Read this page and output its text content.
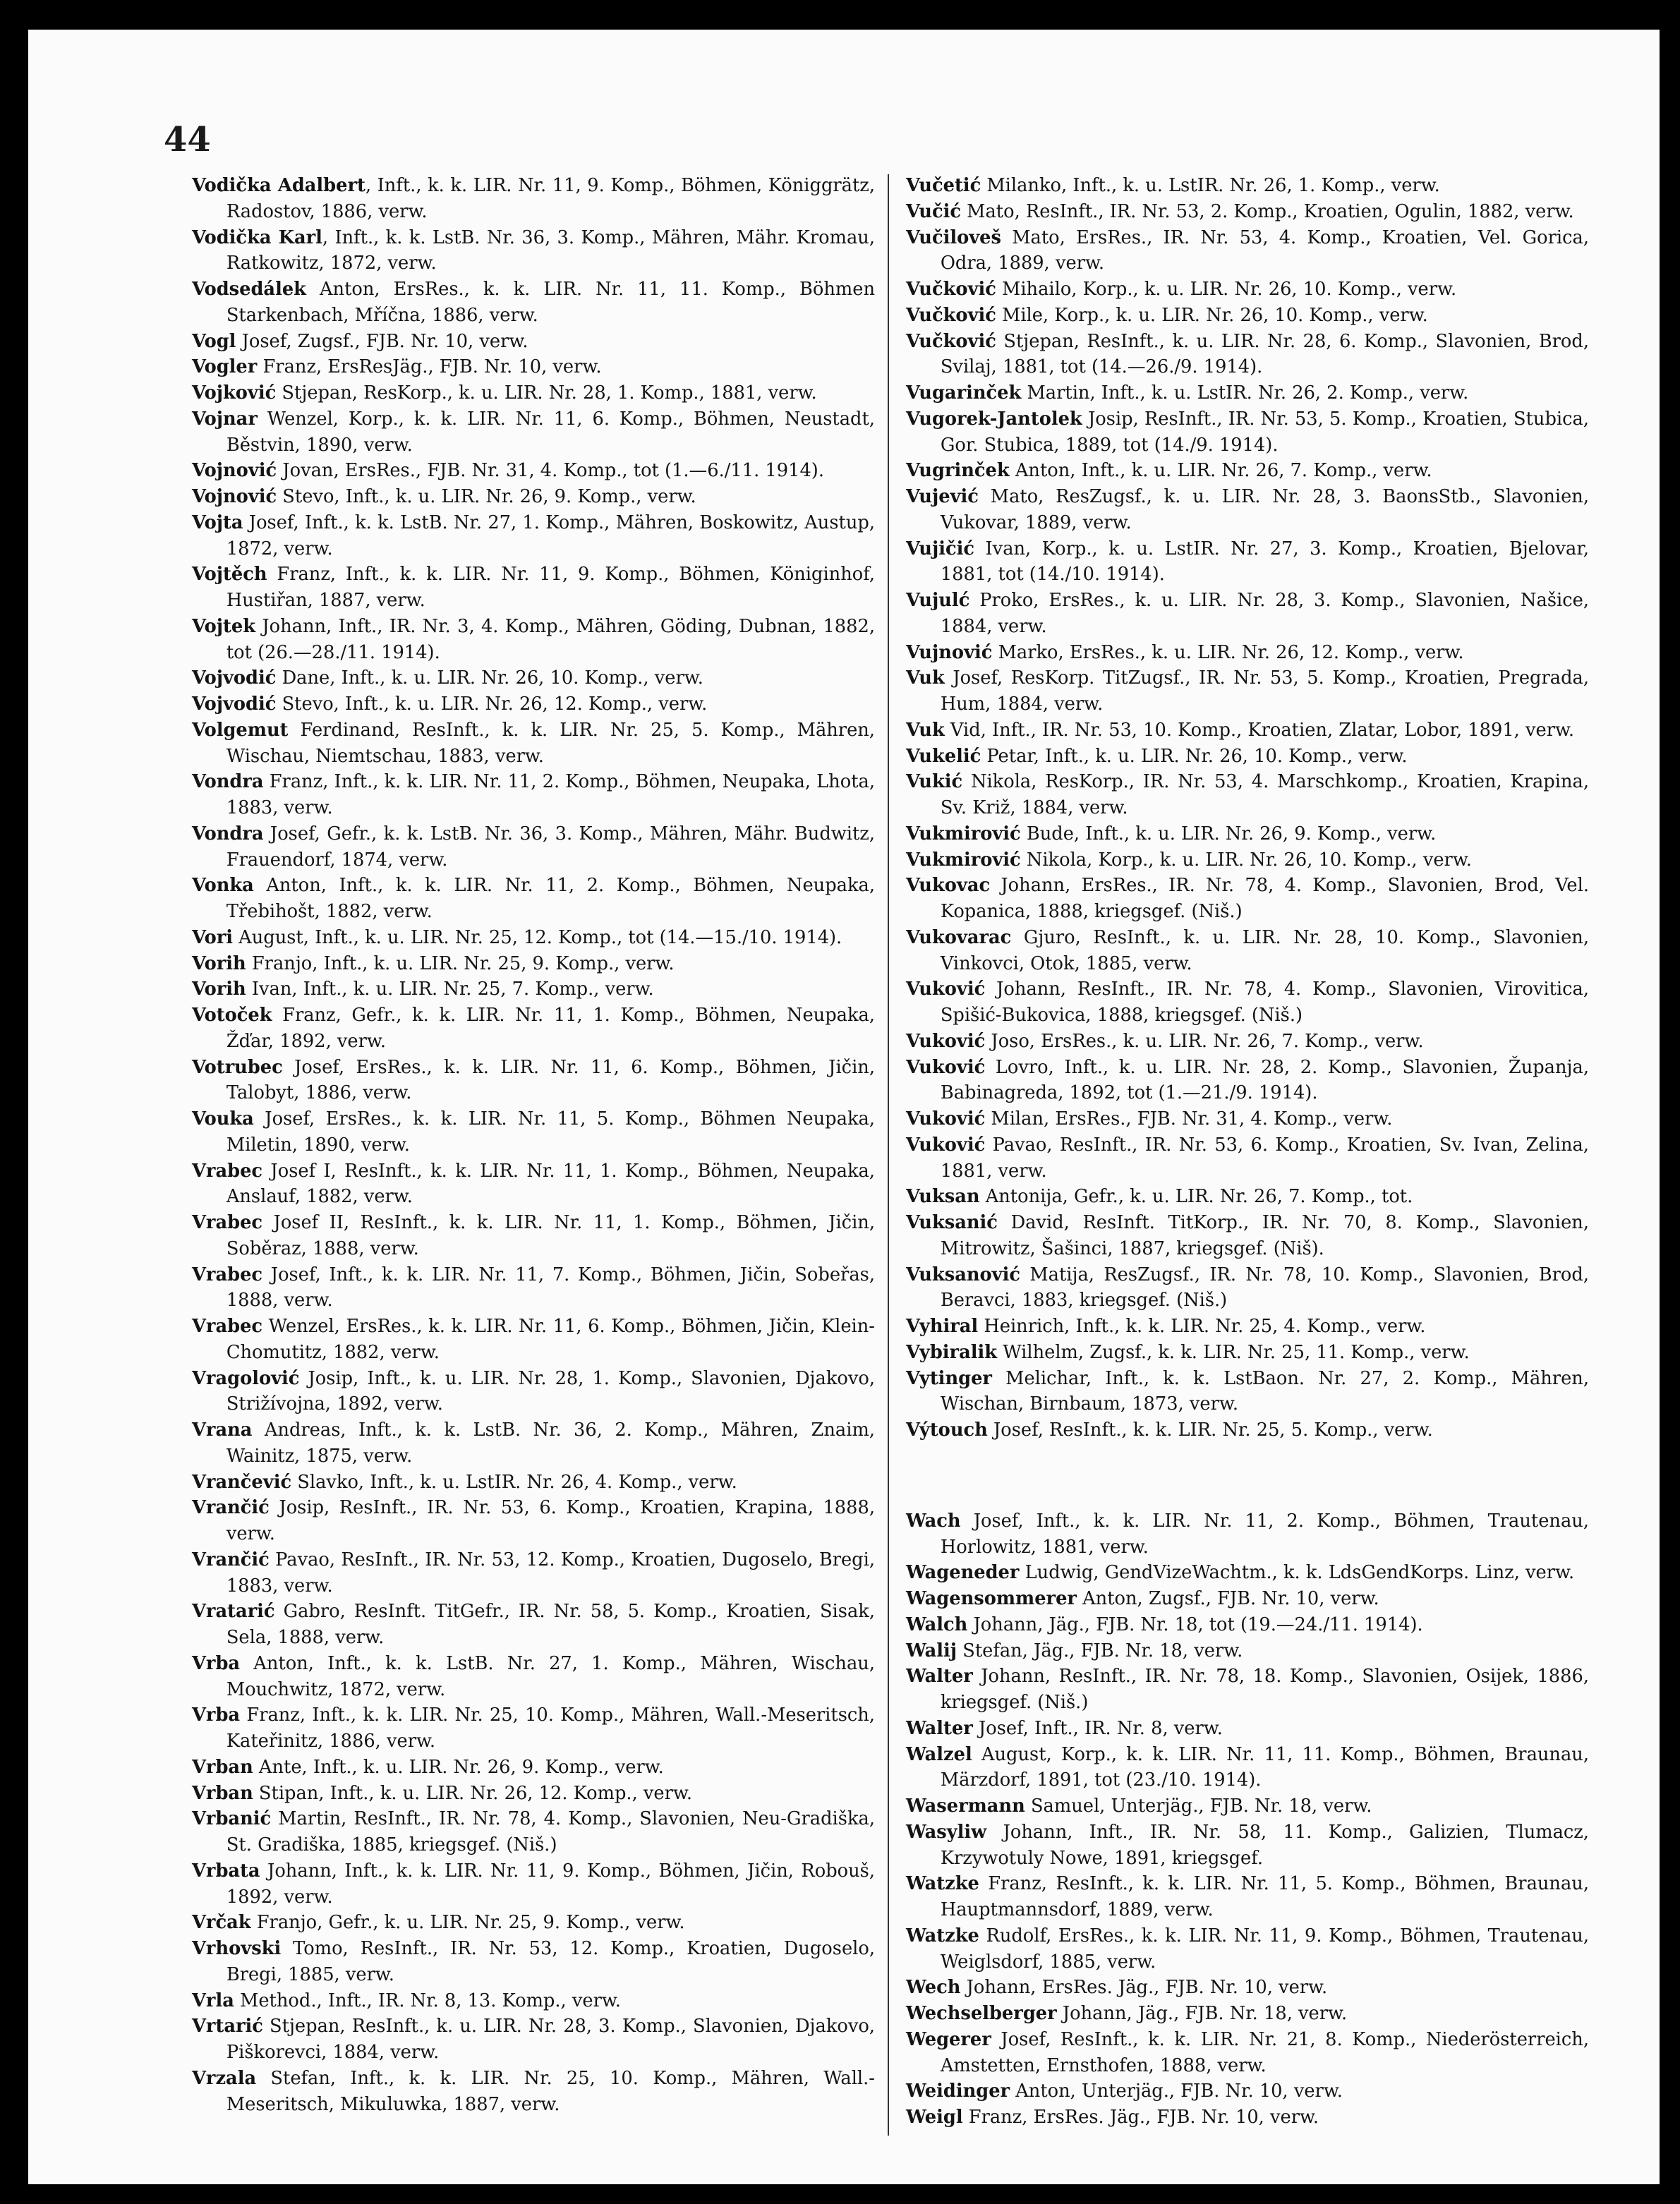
44
Vodička Adalbert, Inft., k. k. LIR. Nr. 11, 9. Komp., Böhmen, Königgrätz, Radostov, 1886, verw.
Vodička Karl, Inft., k. k. LstB. Nr. 36, 3. Komp., Mähren, Mähr. Kromau, Ratkowitz, 1872, verw.
Vodsedálek Anton, ErsRes., k. k. LIR. Nr. 11, 11. Komp., Böhmen Starkenbach, Mříčna, 1886, verw.
Vogl Josef, Zugsf., FJB. Nr. 10, verw.
Vogler Franz, ErsResJäg., FJB. Nr. 10, verw.
Vojković Stjepan, ResKorp., k. u. LIR. Nr. 28, 1. Komp., 1881, verw.
Vojnar Wenzel, Korp., k. k. LIR. Nr. 11, 6. Komp., Böhmen, Neustadt, Běstvin, 1890, verw.
Vojnović Jovan, ErsRes., FJB. Nr. 31, 4. Komp., tot (1.—6./11. 1914).
Vojnović Stevo, Inft., k. u. LIR. Nr. 26, 9. Komp., verw.
Vojta Josef, Inft., k. k. LstB. Nr. 27, 1. Komp., Mähren, Boskowitz, Austup, 1872, verw.
Vojtěch Franz, Inft., k. k. LIR. Nr. 11, 9. Komp., Böhmen, Königinhof, Hustiřan, 1887, verw.
Vojtek Johann, Inft., IR. Nr. 3, 4. Komp., Mähren, Göding, Dubnan, 1882, tot (26.—28./11. 1914).
Vojvodić Dane, Inft., k. u. LIR. Nr. 26, 10. Komp., verw.
Vojvodić Stevo, Inft., k. u. LIR. Nr. 26, 12. Komp., verw.
Volgemut Ferdinand, ResInft., k. k. LIR. Nr. 25, 5. Komp., Mähren, Wischau, Niemtschau, 1883, verw.
Vondra Franz, Inft., k. k. LIR. Nr. 11, 2. Komp., Böhmen, Neupaka, Lhota, 1883, verw.
Vondra Josef, Gefr., k. k. LstB. Nr. 36, 3. Komp., Mähren, Mähr. Budwitz, Frauendorf, 1874, verw.
Vonka Anton, Inft., k. k. LIR. Nr. 11, 2. Komp., Böhmen, Neupaka, Třebihošt, 1882, verw.
Vori August, Inft., k. u. LIR. Nr. 25, 12. Komp., tot (14.—15./10. 1914).
Vorih Franjo, Inft., k. u. LIR. Nr. 25, 9. Komp., verw.
Vorih Ivan, Inft., k. u. LIR. Nr. 25, 7. Komp., verw.
Votoček Franz, Gefr., k. k. LIR. Nr. 11, 1. Komp., Böhmen, Neupaka, Žďar, 1892, verw.
Votrubec Josef, ErsRes., k. k. LIR. Nr. 11, 6. Komp., Böhmen, Jičin, Talobyt, 1886, verw.
Vouka Josef, ErsRes., k. k. LIR. Nr. 11, 5. Komp., Böhmen Neupaka, Miletin, 1890, verw.
Vrabec Josef I, ResInft., k. k. LIR. Nr. 11, 1. Komp., Böhmen, Neupaka, Anslauf, 1882, verw.
Vrabec Josef II, ResInft., k. k. LIR. Nr. 11, 1. Komp., Böhmen, Jičin, Soběraz, 1888, verw.
Vrabec Josef, Inft., k. k. LIR. Nr. 11, 7. Komp., Böhmen, Jičin, Sobeřas, 1888, verw.
Vrabec Wenzel, ErsRes., k. k. LIR. Nr. 11, 6. Komp., Böhmen, Jičin, Klein-Chomutitz, 1882, verw.
Vragolović Josip, Inft., k. u. LIR. Nr. 28, 1. Komp., Slavonien, Djakovo, Strižívojna, 1892, verw.
Vrana Andreas, Inft., k. k. LstB. Nr. 36, 2. Komp., Mähren, Znaim, Wainitz, 1875, verw.
Vrančević Slavko, Inft., k. u. LstIR. Nr. 26, 4. Komp., verw.
Vrančić Josip, ResInft., IR. Nr. 53, 6. Komp., Kroatien, Krapina, 1888, verw.
Vrančić Pavao, ResInft., IR. Nr. 53, 12. Komp., Kroatien, Dugoselo, Bregi, 1883, verw.
Vratarić Gabro, ResInft. TitGefr., IR. Nr. 58, 5. Komp., Kroatien, Sisak, Sela, 1888, verw.
Vrba Anton, Inft., k. k. LstB. Nr. 27, 1. Komp., Mähren, Wischau, Mouchwitz, 1872, verw.
Vrba Franz, Inft., k. k. LIR. Nr. 25, 10. Komp., Mähren, Wall.-Meseritsch, Kateřinitz, 1886, verw.
Vrban Ante, Inft., k. u. LIR. Nr. 26, 9. Komp., verw.
Vrban Stipan, Inft., k. u. LIR. Nr. 26, 12. Komp., verw.
Vrbanić Martin, ResInft., IR. Nr. 78, 4. Komp., Slavonien, Neu-Gradiška, St. Gradiška, 1885, kriegsgef. (Niš.)
Vrbata Johann, Inft., k. k. LIR. Nr. 11, 9. Komp., Böhmen, Jičin, Robouš, 1892, verw.
Vrčak Franjo, Gefr., k. u. LIR. Nr. 25, 9. Komp., verw.
Vrhovski Tomo, ResInft., IR. Nr. 53, 12. Komp., Kroatien, Dugoselo, Bregi, 1885, verw.
Vrla Method., Inft., IR. Nr. 8, 13. Komp., verw.
Vrtarić Stjepan, ResInft., k. u. LIR. Nr. 28, 3. Komp., Slavonien, Djakovo, Piškorevci, 1884, verw.
Vrzala Stefan, Inft., k. k. LIR. Nr. 25, 10. Komp., Mähren, Wall.-Meseritsch, Mikuluwka, 1887, verw.
Vučetić Milanko, Inft., k. u. LstIR. Nr. 26, 1. Komp., verw.
Vučić Mato, ResInft., IR. Nr. 53, 2. Komp., Kroatien, Ogulin, 1882, verw.
Vučilovеš Mato, ErsRes., IR. Nr. 53, 4. Komp., Kroatien, Vel. Gorica, Odra, 1889, verw.
Vučković Mihailo, Korp., k. u. LIR. Nr. 26, 10. Komp., verw.
Vučković Mile, Korp., k. u. LIR. Nr. 26, 10. Komp., verw.
Vučković Stjepan, ResInft., k. u. LIR. Nr. 28, 6. Komp., Slavonien, Brod, Svilaj, 1881, tot (14.—26./9. 1914).
Vugarinček Martin, Inft., k. u. LstIR. Nr. 26, 2. Komp., verw.
Vugorek-Jantolek Josip, ResInft., IR. Nr. 53, 5. Komp., Kroatien, Stubica, Gor. Stubica, 1889, tot (14./9. 1914).
Vugrinček Anton, Inft., k. u. LIR. Nr. 26, 7. Komp., verw.
Vujević Mato, ResZugsf., k. u. LIR. Nr. 28, 3. BaonsStb., Slavonien, Vukovar, 1889, verw.
Vujičić Ivan, Korp., k. u. LstIR. Nr. 27, 3. Komp., Kroatien, Bjelovar, 1881, tot (14./10. 1914).
Vujulć Proko, ErsRes., k. u. LIR. Nr. 28, 3. Komp., Slavonien, Našice, 1884, verw.
Vujnović Marko, ErsRes., k. u. LIR. Nr. 26, 12. Komp., verw.
Vuk Josef, ResKorp. TitZugsf., IR. Nr. 53, 5. Komp., Kroatien, Pregrada, Hum, 1884, verw.
Vuk Vid, Inft., IR. Nr. 53, 10. Komp., Kroatien, Zlatar, Lobor, 1891, verw.
Vukelić Petar, Inft., k. u. LIR. Nr. 26, 10. Komp., verw.
Vukić Nikola, ResKorp., IR. Nr. 53, 4. Marschkomp., Kroatien, Krapina, Sv. Križ, 1884, verw.
Vukmirović Bude, Inft., k. u. LIR. Nr. 26, 9. Komp., verw.
Vukmirović Nikola, Korp., k. u. LIR. Nr. 26, 10. Komp., verw.
Vukovac Johann, ErsRes., IR. Nr. 78, 4. Komp., Slavonien, Brod, Vel. Kopanica, 1888, kriegsgef. (Niš.)
Vukovarac Gjuro, ResInft., k. u. LIR. Nr. 28, 10. Komp., Slavonien, Vinkovci, Otok, 1885, verw.
Vuković Johann, ResInft., IR. Nr. 78, 4. Komp., Slavonien, Virovitica, Spišić-Bukovica, 1888, kriegsgef. (Niš.)
Vuković Joso, ErsRes., k. u. LIR. Nr. 26, 7. Komp., verw.
Vuković Lovro, Inft., k. u. LIR. Nr. 28, 2. Komp., Slavonien, Županja, Babinagreda, 1892, tot (1.—21./9. 1914).
Vuković Milan, ErsRes., FJB. Nr. 31, 4. Komp., verw.
Vuković Pavao, ResInft., IR. Nr. 53, 6. Komp., Kroatien, Sv. Ivan, Zelina, 1881, verw.
Vuksan Antonija, Gefr., k. u. LIR. Nr. 26, 7. Komp., tot.
Vuksanić David, ResInft. TitKorp., IR. Nr. 70, 8. Komp., Slavonien, Mitrowitz, Šašinci, 1887, kriegsgef. (Niš).
Vuksanović Matija, ResZugsf., IR. Nr. 78, 10. Komp., Slavonien, Brod, Beravci, 1883, kriegsgef. (Niš.)
Vyhiral Heinrich, Inft., k. k. LIR. Nr. 25, 4. Komp., verw.
Vybiralik Wilhelm, Zugsf., k. k. LIR. Nr. 25, 11. Komp., verw.
Vytinger Melichar, Inft., k. k. LstBaon. Nr. 27, 2. Komp., Mähren, Wischan, Birnbaum, 1873, verw.
Výtouch Josef, ResInft., k. k. LIR. Nr. 25, 5. Komp., verw.
Wach Josef, Inft., k. k. LIR. Nr. 11, 2. Komp., Böhmen, Trautenau, Horlowitz, 1881, verw.
Wageneder Ludwig, GendVizeWachtm., k. k. LdsGendKorps. Linz, verw.
Wagensommerer Anton, Zugsf., FJB. Nr. 10, verw.
Walch Johann, Jäg., FJB. Nr. 18, tot (19.—24./11. 1914).
Walij Stefan, Jäg., FJB. Nr. 18, verw.
Walter Johann, ResInft., IR. Nr. 78, 18. Komp., Slavonien, Osijek, 1886, kriegsgef. (Niš.)
Walter Josef, Inft., IR. Nr. 8, verw.
Walzel August, Korp., k. k. LIR. Nr. 11, 11. Komp., Böhmen, Braunau, Märzdorf, 1891, tot (23./10. 1914).
Wasermann Samuel, Unterjäg., FJB. Nr. 18, verw.
Wasyliw Johann, Inft., IR. Nr. 58, 11. Komp., Galizien, Tlumacz, Krzywotuly Nowe, 1891, kriegsgef.
Watzke Franz, ResInft., k. k. LIR. Nr. 11, 5. Komp., Böhmen, Braunau, Hauptmannsdorf, 1889, verw.
Watzke Rudolf, ErsRes., k. k. LIR. Nr. 11, 9. Komp., Böhmen, Trautenau, Weiglsdorf, 1885, verw.
Wech Johann, ErsRes. Jäg., FJB. Nr. 10, verw.
Wechselberger Johann, Jäg., FJB. Nr. 18, verw.
Wegerer Josef, ResInft., k. k. LIR. Nr. 21, 8. Komp., Niederösterreich, Amstetten, Ernsthofen, 1888, verw.
Weidinger Anton, Unterjäg., FJB. Nr. 10, verw.
Weigl Franz, ErsRes. Jäg., FJB. Nr. 10, verw.
